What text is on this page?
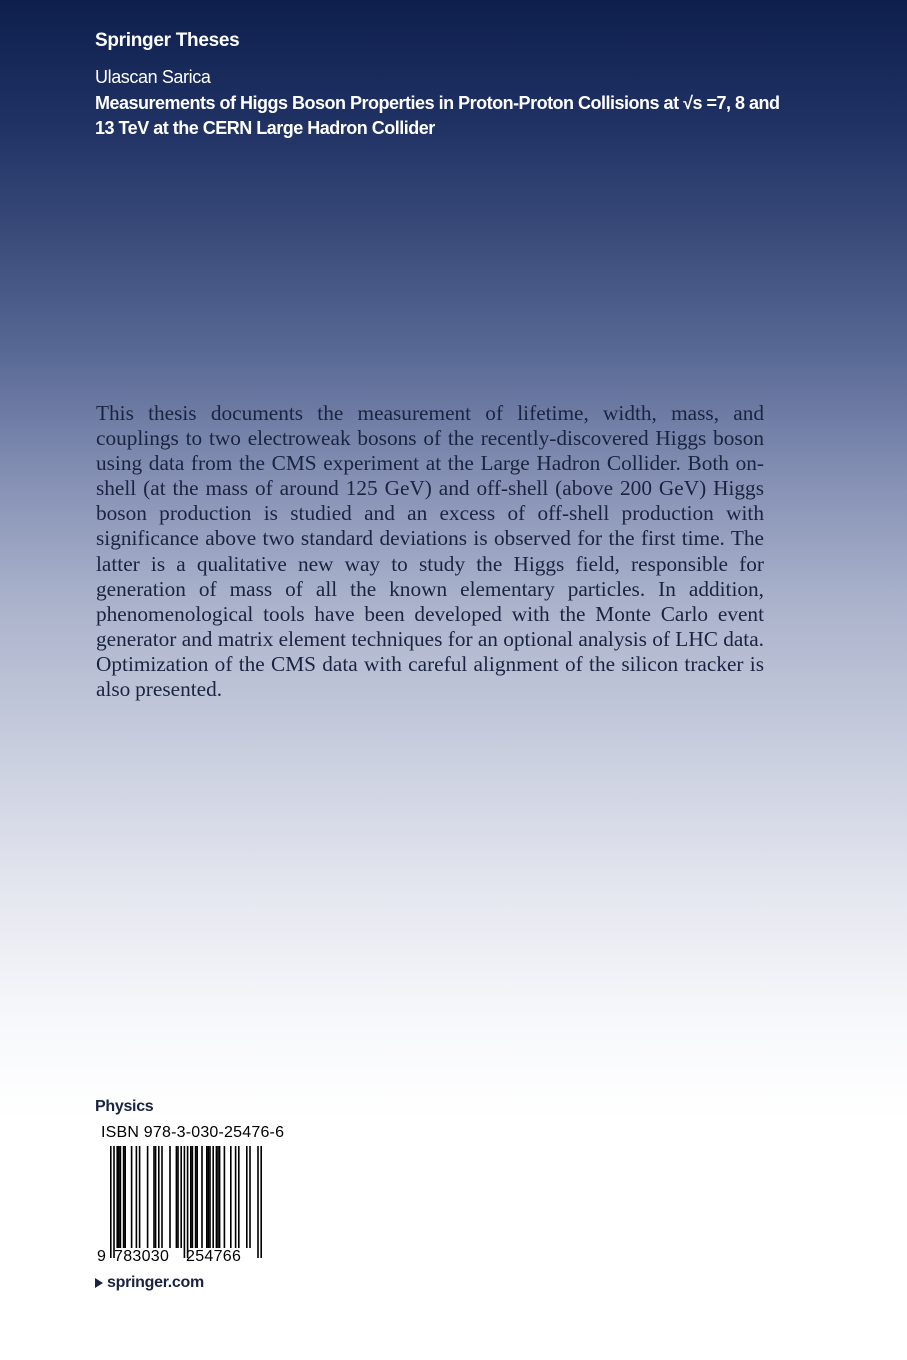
Springer Theses
Ulascan Sarica
Measurements of Higgs Boson Properties in Proton-Proton Collisions at √s =7, 8 and 13 TeV at the CERN Large Hadron Collider

This thesis documents the measurement of lifetime, width, mass, and couplings to two electroweak bosons of the recently-discovered Higgs boson using data from the CMS experiment at the Large Hadron Collider. Both on-shell (at the mass of around 125 GeV) and off-shell (above 200 GeV) Higgs boson production is studied and an excess of off-shell production with significance above two standard deviations is observed for the first time. The latter is a qualitative new way to study the Higgs field, responsible for generation of mass of all the known elementary particles. In addition, phenomenological tools have been developed with the Monte Carlo event generator and matrix element techniques for an optional analysis of LHC data. Optimization of the CMS data with careful alignment of the silicon tracker is also presented.

Physics
ISBN 978-3-030-25476-6
9 783030 254766
springer.com
